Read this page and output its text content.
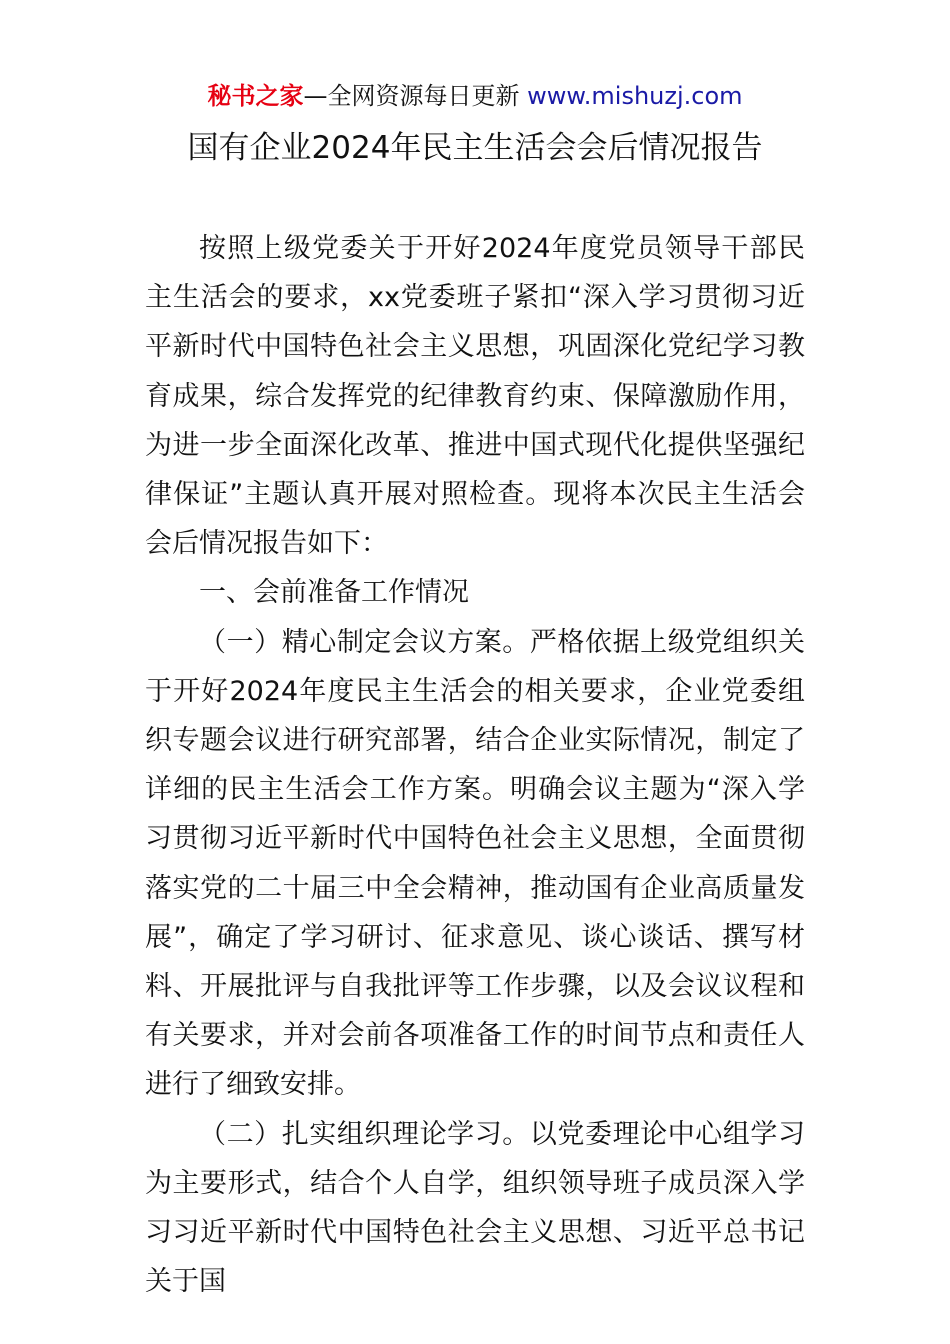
秘书之家—全网资源每日更新 www.mishuzj.com
国有企业2024年民主生活会会后情况报告

按照上级党委关于开好2024年度党员领导干部民主生活会的要求，xx党委班子紧扣“深入学习贯彻习近平新时代中国特色社会主义思想，巩固深化党纪学习教育成果，综合发挥党的纪律教育约束、保障激励作用，为进一步全面深化改革、推进中国式现代化提供坚强纪律保证”主题认真开展对照检查。现将本次民主生活会会后情况报告如下：

一、会前准备工作情况

（一）精心制定会议方案。严格依据上级党组织关于开好2024年度民主生活会的相关要求，企业党委组织专题会议进行研究部署，结合企业实际情况，制定了详细的民主生活会工作方案。明确会议主题为“深入学习贯彻习近平新时代中国特色社会主义思想，全面贯彻落实党的二十届三中全会精神，推动国有企业高质量发展”，确定了学习研讨、征求意见、谈心谈话、撰写材料、开展批评与自我批评等工作步骤，以及会议议程和有关要求，并对会前各项准备工作的时间节点和责任人进行了细致安排。

（二）扎实组织理论学习。以党委理论中心组学习为主要形式，结合个人自学，组织领导班子成员深入学习习近平新时代中国特色社会主义思想、习近平总书记关于国
